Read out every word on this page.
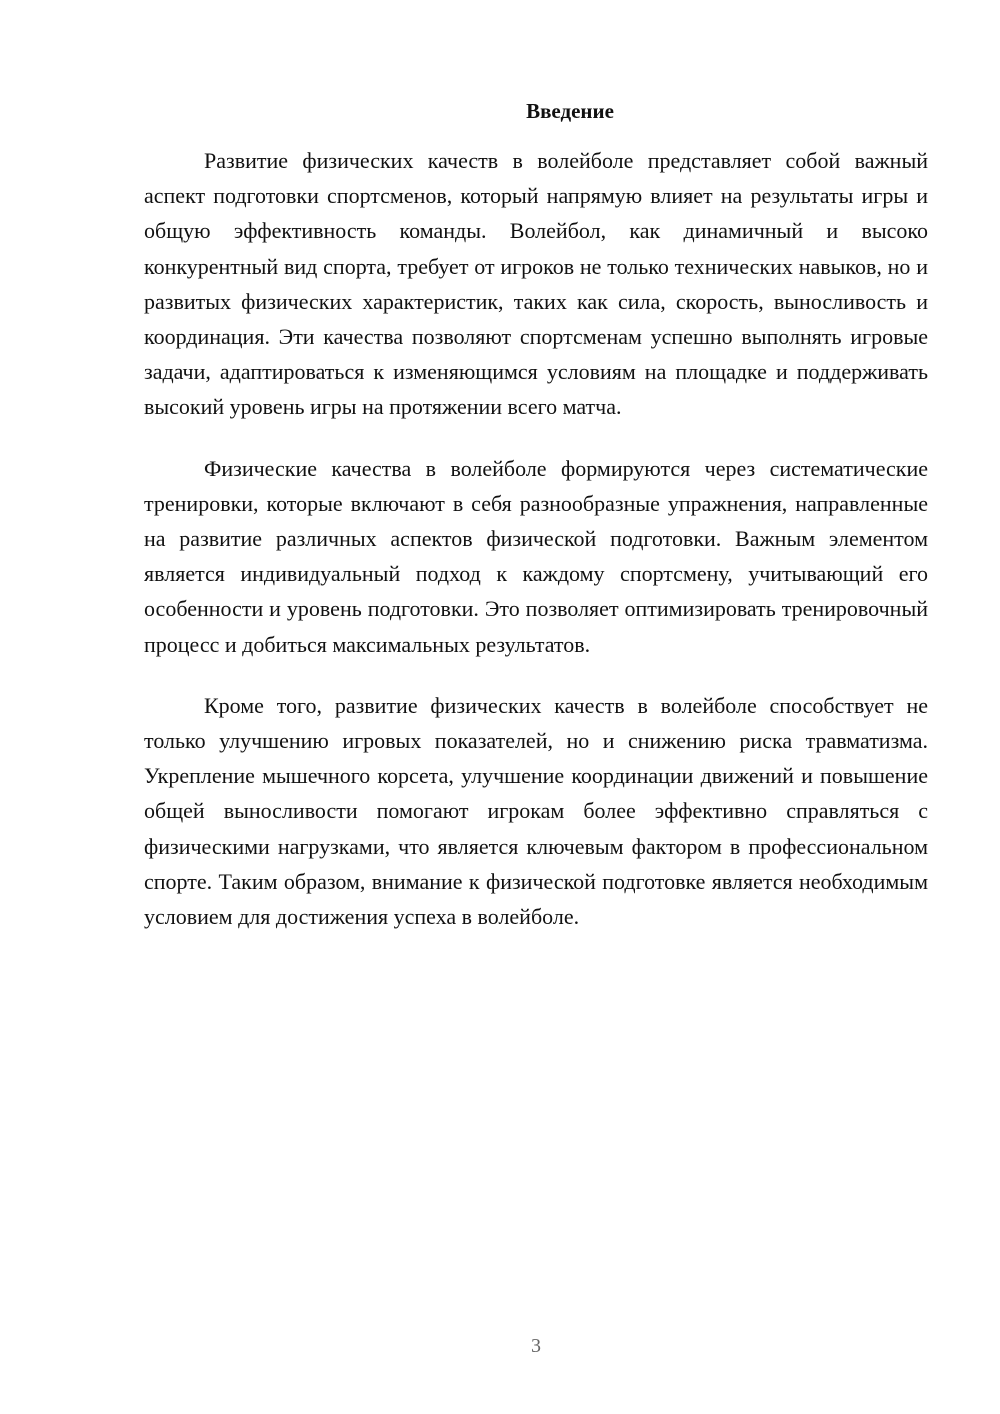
Введение

Развитие физических качеств в волейболе представляет собой важный аспект подготовки спортсменов, который напрямую влияет на результаты игры и общую эффективность команды. Волейбол, как динамичный и высоко конкурентный вид спорта, требует от игроков не только технических навыков, но и развитых физических характеристик, таких как сила, скорость, выносливость и координация. Эти качества позволяют спортсменам успешно выполнять игровые задачи, адаптироваться к изменяющимся условиям на площадке и поддерживать высокий уровень игры на протяжении всего матча.

Физические качества в волейболе формируются через систематические тренировки, которые включают в себя разнообразные упражнения, направленные на развитие различных аспектов физической подготовки. Важным элементом является индивидуальный подход к каждому спортсмену, учитывающий его особенности и уровень подготовки. Это позволяет оптимизировать тренировочный процесс и добиться максимальных результатов.

Кроме того, развитие физических качеств в волейболе способствует не только улучшению игровых показателей, но и снижению риска травматизма. Укрепление мышечного корсета, улучшение координации движений и повышение общей выносливости помогают игрокам более эффективно справляться с физическими нагрузками, что является ключевым фактором в профессиональном спорте. Таким образом, внимание к физической подготовке является необходимым условием для достижения успеха в волейболе.

3
